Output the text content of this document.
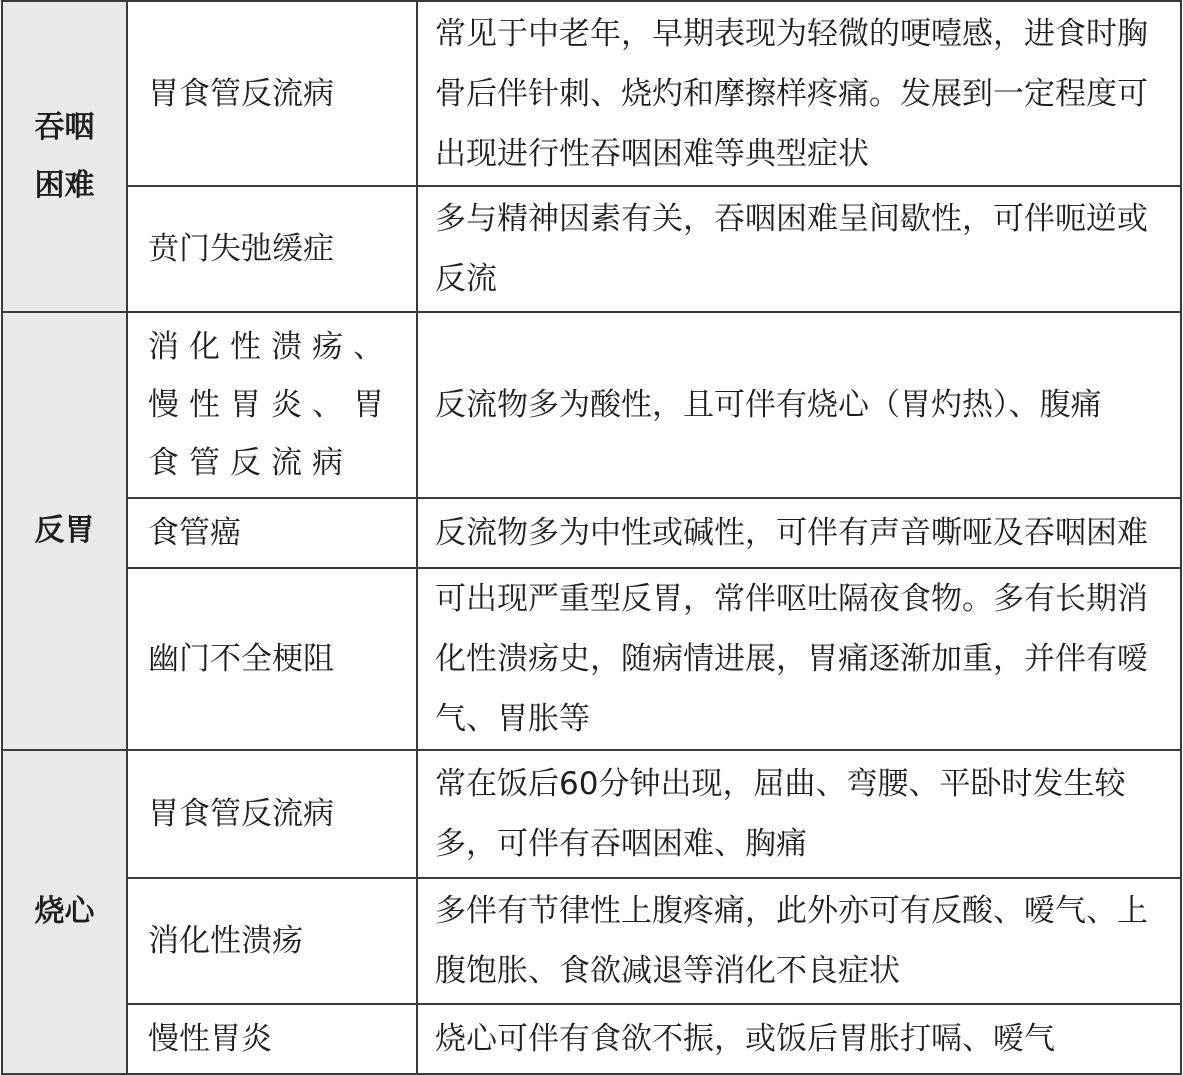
吞咽
困难	胃食管反流病	常见于中老年，早期表现为轻微的哽噎感，进食时胸骨后伴针刺、烧灼和摩擦样疼痛。发展到一定程度可出现进行性吞咽困难等典型症状
	贲门失弛缓症	多与精神因素有关，吞咽困难呈间歇性，可伴呃逆或反流
反胃	消化性溃疡、慢性胃炎、胃食管反流病	反流物多为酸性，且可伴有烧心（胃灼热）、腹痛
	食管癌	反流物多为中性或碱性，可伴有声音嘶哑及吞咽困难
	幽门不全梗阻	可出现严重型反胃，常伴呕吐隔夜食物。多有长期消化性溃疡史，随病情进展，胃痛逐渐加重，并伴有嗳气、胃胀等
烧心	胃食管反流病	常在饭后60分钟出现，屈曲、弯腰、平卧时发生较多，可伴有吞咽困难、胸痛
	消化性溃疡	多伴有节律性上腹疼痛，此外亦可有反酸、嗳气、上腹饱胀、食欲减退等消化不良症状
	慢性胃炎	烧心可伴有食欲不振，或饭后胃胀打嗝、嗳气
